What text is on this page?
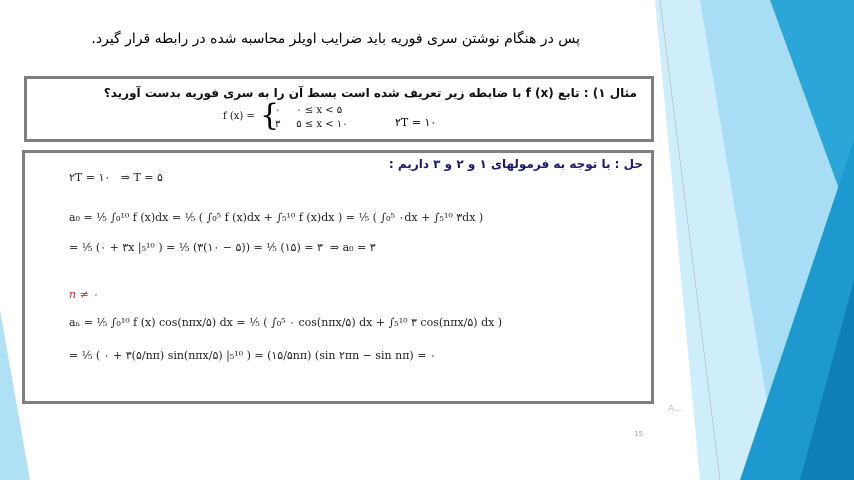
پس در هنگام نوشتن سری فوریه باید ضرایب اویلر محاسبه شده در رابطه قرار گیرد.
مثال ۱) : تابع (f (x با ضابطه زیر تعریف شده است بسط آن را به سری فوریه بدست آورید؟
f (x) = {
۰     ۰ ≤ x < ۵
۳     ۵ ≤ x < ۱۰	۲T = ۱۰
حل : با توجه به فرمولهای ۱ و ۲ و ۳ داریم :
۲T = ۱۰   ⇒ T = ۵
a₀ = ¹⁄₅ ∫₀¹⁰ f (x)dx = ¹⁄₅ ( ∫₀⁵ f (x)dx + ∫₅¹⁰ f (x)dx ) = ¹⁄₅ ( ∫₀⁵ ۰dx + ∫₅¹⁰ ۳dx )
= ¹⁄₅ (۰ + ۳x |₅¹⁰ ) = ¹⁄₅ (۳(۱۰ − ۵)) = ¹⁄₅ (۱۵) = ۳  ⇒ a₀ = ۳
n ≠ ۰
aₙ = ¹⁄₅ ∫₀¹⁰ f (x) cos(nπx/۵) dx = ¹⁄₅ ( ∫₀⁵ ۰ cos(nπx/۵) dx + ∫₅¹⁰ ۳ cos(nπx/۵) dx )
= ¹⁄₅ ( ۰ + ۳(۵/nπ) sin(nπx/۵) |₅¹⁰ ) = (۱۵/۵nπ) (sin ۲πn − sin nπ) = ۰
A...
15
